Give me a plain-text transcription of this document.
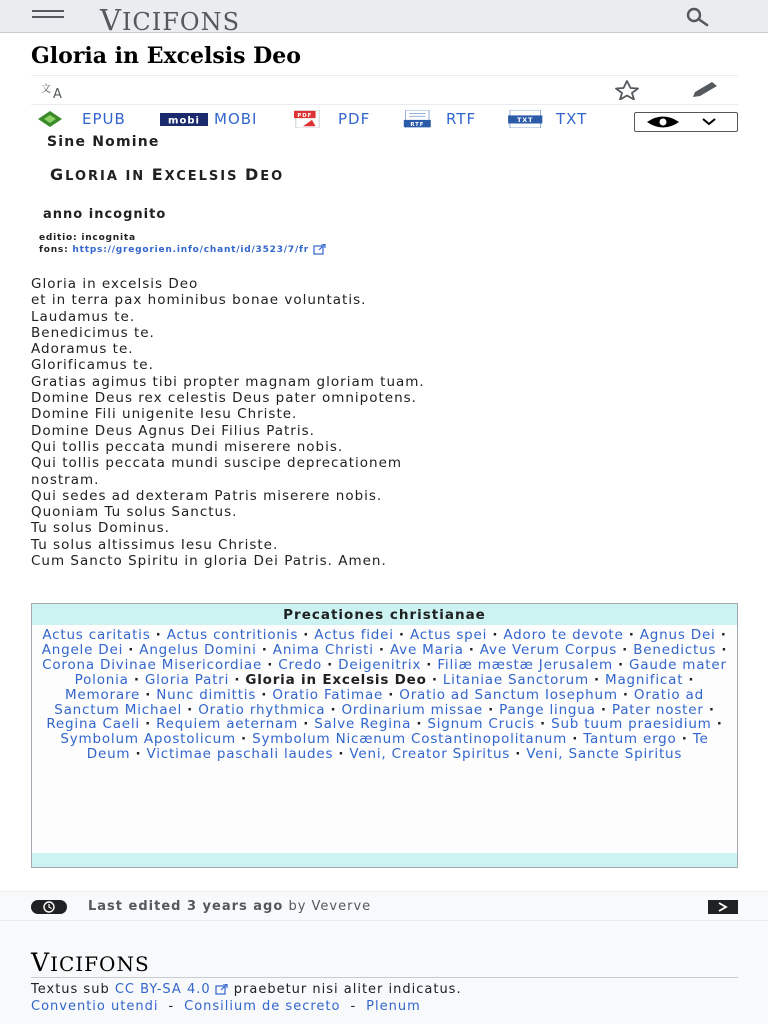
VICIFONS
Gloria in Excelsis Deo
文 A
EPUB	mobi MOBI	PDF PDF	RTF RTF	TXT TXT
Sine Nomine
GLORIA IN EXCELSIS DEO
anno incognito
editio: incognita
fons: https://gregorien.info/chant/id/3523/7/fr
Gloria in excelsis Deo
et in terra pax hominibus bonae voluntatis.
Laudamus te.
Benedicimus te.
Adoramus te.
Glorificamus te.
Gratias agimus tibi propter magnam gloriam tuam.
Domine Deus rex celestis Deus pater omnipotens.
Domine Fili unigenite Iesu Christe.
Domine Deus Agnus Dei Filius Patris.
Qui tollis peccata mundi miserere nobis.
Qui tollis peccata mundi suscipe deprecationem
nostram.
Qui sedes ad dexteram Patris miserere nobis.
Quoniam Tu solus Sanctus.
Tu solus Dominus.
Tu solus altissimus Iesu Christe.
Cum Sancto Spiritu in gloria Dei Patris. Amen.
Precationes christianae
Actus caritatis · Actus contritionis · Actus fidei · Actus spei · Adoro te devote · Agnus Dei · Angele Dei · Angelus Domini · Anima Christi · Ave Maria · Ave Verum Corpus · Benedictus · Corona Divinae Misericordiae · Credo · Deigenitrix · Filiæ mæstæ Jerusalem · Gaude mater Polonia · Gloria Patri · Gloria in Excelsis Deo · Litaniae Sanctorum · Magnificat · Memorare · Nunc dimittis · Oratio Fatimae · Oratio ad Sanctum Iosephum · Oratio ad Sanctum Michael · Oratio rhythmica · Ordinarium missae · Pange lingua · Pater noster · Regina Caeli · Requiem aeternam · Salve Regina · Signum Crucis · Sub tuum praesidium · Symbolum Apostolicum · Symbolum Nicænum Costantinopolitanum · Tantum ergo · Te Deum · Victimae paschali laudes · Veni, Creator Spiritus · Veni, Sancte Spiritus
Last edited 3 years ago by Veverve
VICIFONS
Textus sub CC BY-SA 4.0 praebetur nisi aliter indicatus.
Conventio utendi - Consilium de secreto - Plenum
